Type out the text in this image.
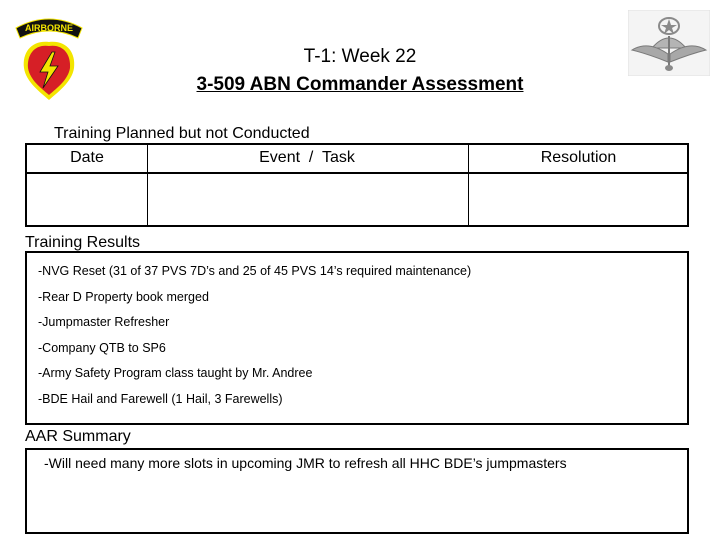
AIRBORNE
T-1: Week 22
3-509 ABN Commander Assessment
Training Planned but not Conducted
Date	Event  /  Task	Resolution
Training Results
-NVG Reset (31 of 37 PVS 7D’s and 25 of 45 PVS 14’s required maintenance)
-Rear D Property book merged
-Jumpmaster Refresher
-Company QTB to SP6
-Army Safety Program class taught by Mr. Andree
-BDE Hail and Farewell (1 Hail, 3 Farewells)
AAR Summary
-Will need many more slots in upcoming JMR to refresh all HHC BDE’s jumpmasters
